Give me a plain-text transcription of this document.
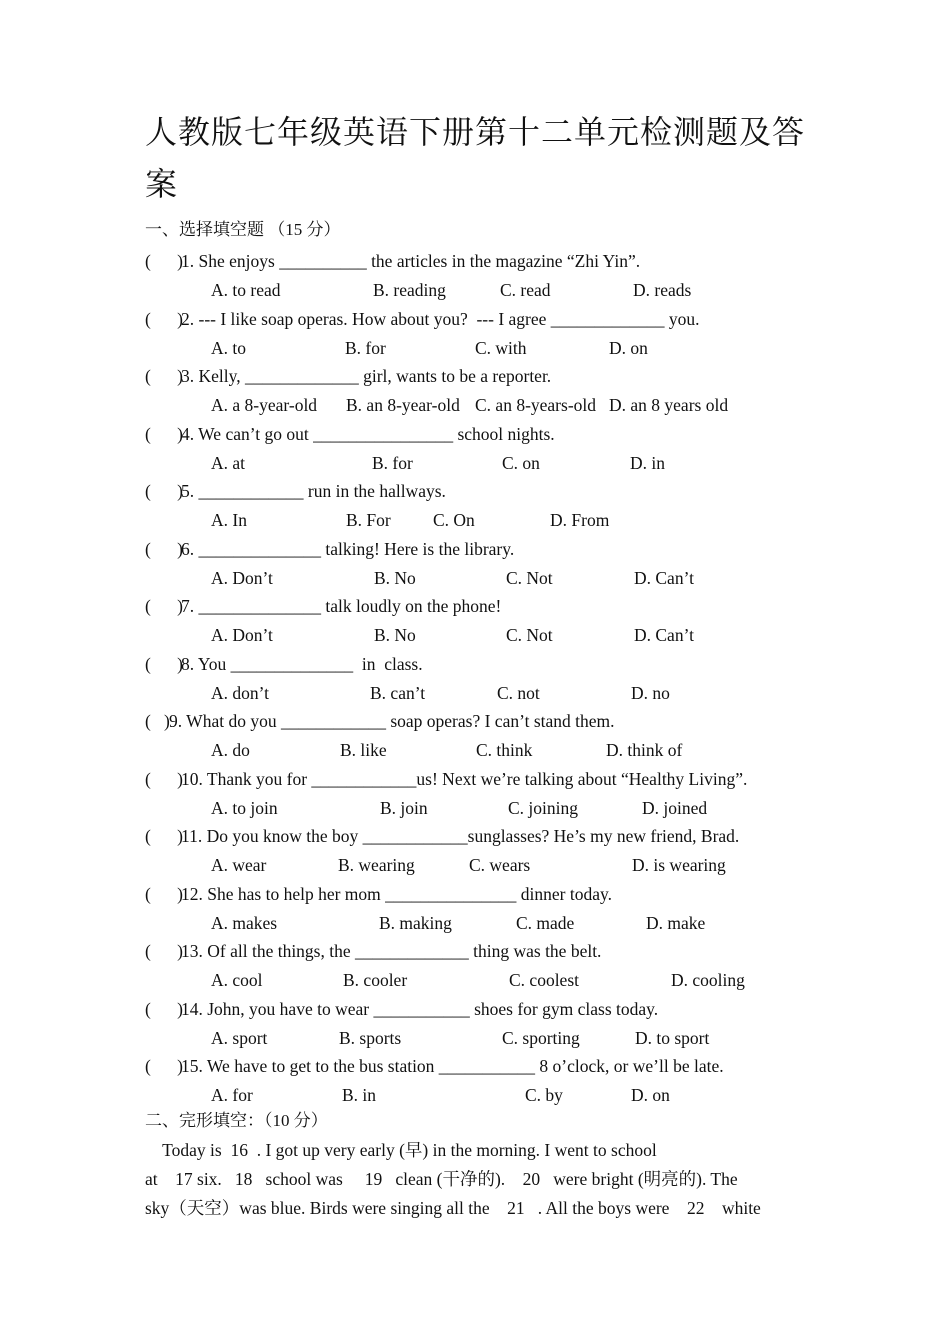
人教版七年级英语下册第十二单元检测题及答案
一、选择填空题 （15 分）
(      )1. She enjoys __________ the articles in the magazine “Zhi Yin”.
A. to read	B. reading	C. read	D. reads
(      )2. --- I like soap operas. How about you?  --- I agree _____________ you.
A. to	B. for	C. with	D. on
(      )3. Kelly, _____________ girl, wants to be a reporter.
A. a 8-year-old B. an 8-year-old C. an 8-years-old D. an 8 years old
(      )4. We can’t go out ________________ school nights.
A. at	B. for	C. on	D. in
(      )5. ____________ run in the hallways.
A. In	B. For C. On	D. From
(      )6. ______________ talking! Here is the library.
A. Don’t	B. No	C. Not	D. Can’t
(      )7. ______________ talk loudly on the phone!
A. Don’t	B. No	C. Not	D. Can’t
(      )8. You ______________  in  class.
A. don’t	B. can’t	C. not	D. no
(   )9. What do you ____________ soap operas? I can’t stand them.
A. do	B. like	C. think	D. think of
(      )10. Thank you for ____________us! Next we’re talking about “Healthy Living”.
A. to join	B. join	C. joining	D. joined
(      )11. Do you know the boy ____________sunglasses? He’s my new friend, Brad.
A. wear	B. wearing	C. wears	D. is wearing
(      )12. She has to help her mom _______________ dinner today.
A. makes	B. making	C. made	D. make
(      )13. Of all the things, the _____________ thing was the belt.
A. cool	B. cooler	C. coolest	D. cooling
(      )14. John, you have to wear ___________ shoes for gym class today.
A. sport	B. sports	C. sporting	D. to sport
(      )15. We have to get to the bus station ___________ 8 o’clock, or we’ll be late.
A. for	B. in	C. by	D. on
二、完形填空：（10 分）
Today is  16  . I got up very early (早) in the morning. I went to school
at    17 six.   18   school was     19   clean (干净的).    20   were bright (明亮的). The
sky（天空）was blue. Birds were singing all the    21   . All the boys were    22    white
